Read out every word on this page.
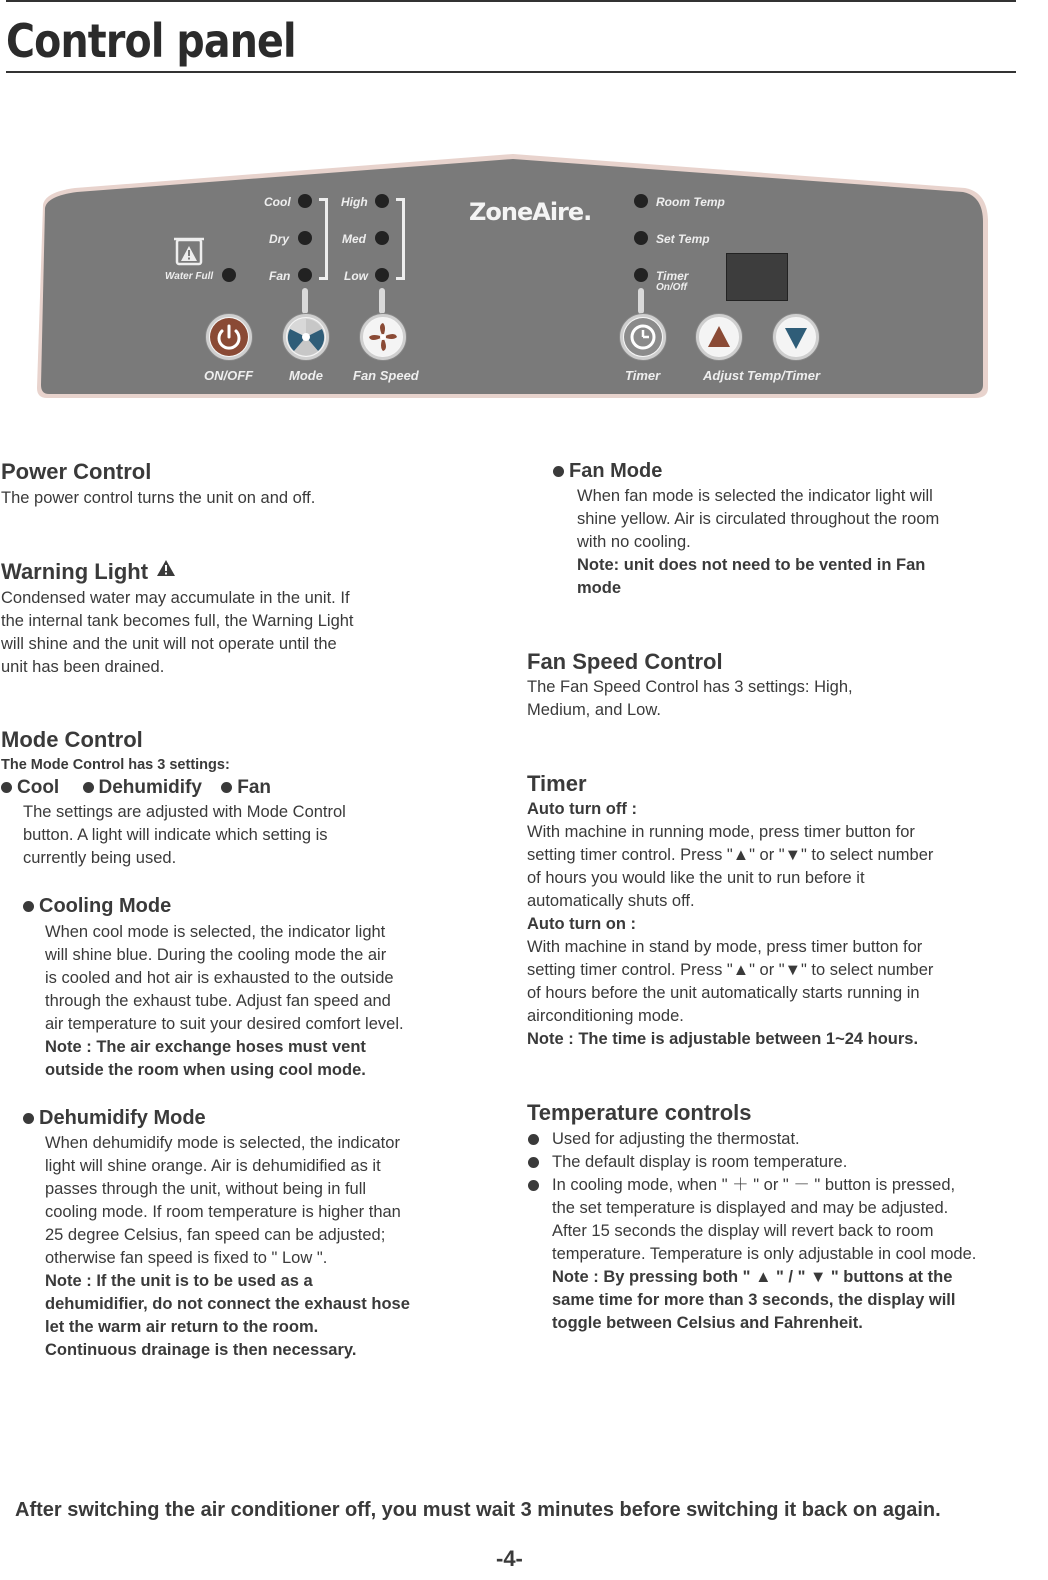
Control panel
Water Full
Cool
Dry
Fan
High
Med
Low
ZoneAire.	Room Temp
Set Temp
Timer
On/Off
ON/OFF	Mode Fan Speed	Timer	Adjust Temp/Timer
Power Control

The power control turns the unit on and off.

Warning Light
Condensed water may accumulate in the unit. If
the internal tank becomes full, the Warning Light
will shine and the unit will not operate until the
unit has been drained.
Mode Control
The Mode Control has 3 settings:
Cool Dehumidify Fan
The settings are adjusted with Mode Control
button. A light will indicate which setting is
currently being used.
Cooling Mode
When cool mode is selected, the indicator light
will shine blue. During the cooling mode the air
is cooled and hot air is exhausted to the outside
through the exhaust tube. Adjust fan speed and
air temperature to suit your desired comfort level.
Note : The air exchange hoses must vent
outside the room when using cool mode.
Dehumidify Mode
When dehumidify mode is selected, the indicator
light will shine orange. Air is dehumidified as it
passes through the unit, without being in full
cooling mode. If room temperature is higher than
25 degree Celsius, fan speed can be adjusted;
otherwise fan speed is fixed to " Low ".
Note : If the unit is to be used as a
dehumidifier, do not connect the exhaust hose
let the warm air return to the room.
Continuous drainage is then necessary.
Fan Mode
When fan mode is selected the indicator light will
shine yellow. Air is circulated throughout the room
with no cooling.
Note: unit does not need to be vented in Fan
mode
Fan Speed Control
The Fan Speed Control has 3 settings: High,
Medium, and Low.
Timer
Auto turn off :
With machine in running mode, press timer button for
setting timer control. Press "▲" or "▼" to select number
of hours you would like the unit to run before it
automatically shuts off.
Auto turn on :
With machine in stand by mode, press timer button for
setting timer control. Press "▲" or "▼" to select number
of hours before the unit automatically starts running in
airconditioning mode.
Note : The time is adjustable between 1~24 hours.
Temperature controls
Used for adjusting the thermostat.
The default display is room temperature.
In cooling mode, when " ＋ " or " － " button is pressed,
the set temperature is displayed and may be adjusted.
After 15 seconds the display will revert back to room
temperature. Temperature is only adjustable in cool mode.
Note : By pressing both " ▲ " / " ▼ " buttons at the
same time for more than 3 seconds, the display will
toggle between Celsius and Fahrenheit.
After switching the air conditioner off, you must wait 3 minutes before switching it back on again.
-4-
